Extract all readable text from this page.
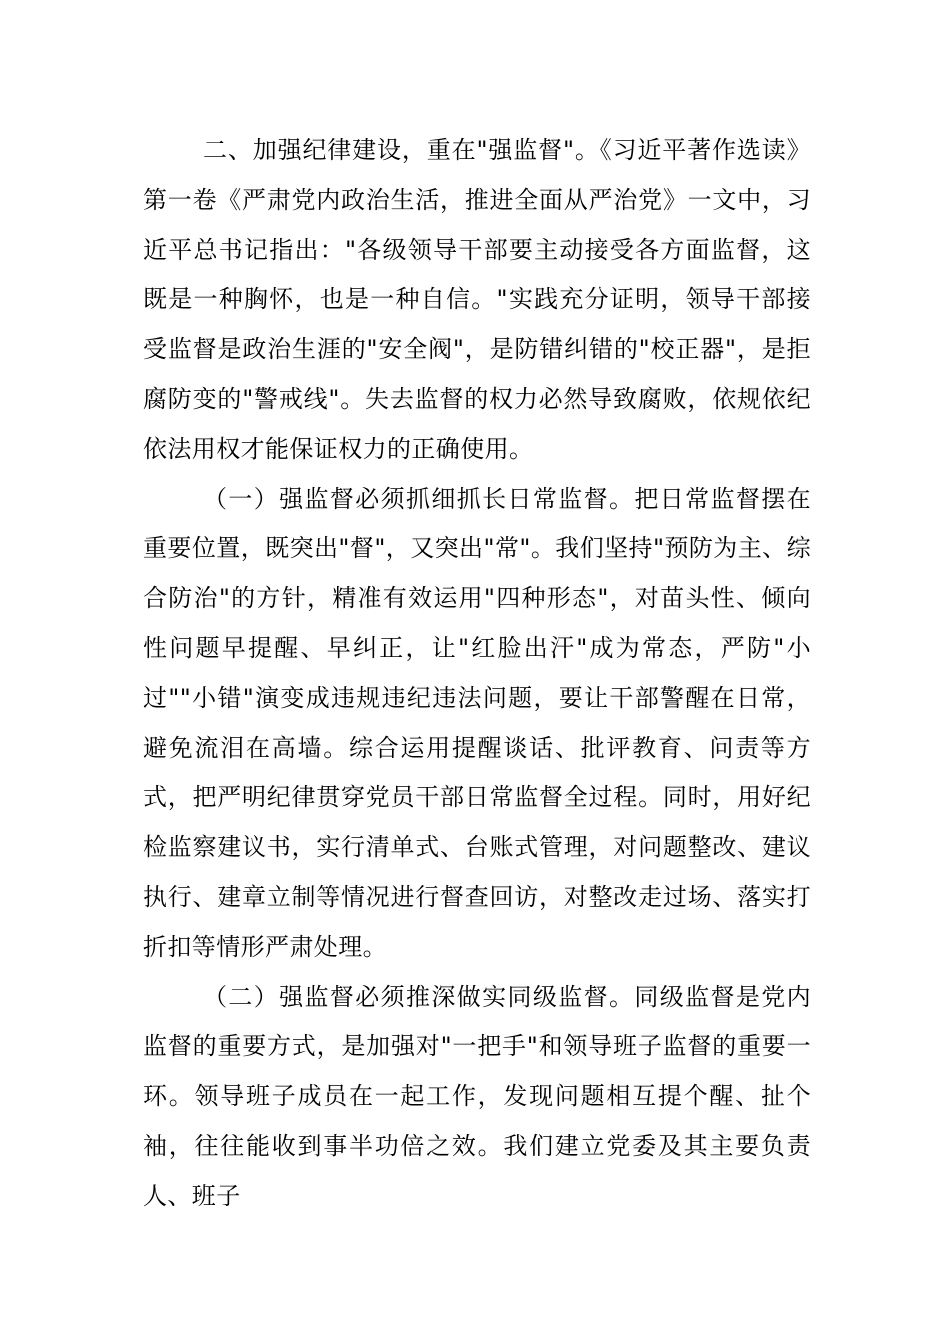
二、加强纪律建设，重在"强监督"。《习近平著作选读》第一卷《严肃党内政治生活，推进全面从严治党》一文中，习近平总书记指出："各级领导干部要主动接受各方面监督，这既是一种胸怀，也是一种自信。"实践充分证明，领导干部接受监督是政治生涯的"安全阀"，是防错纠错的"校正器"，是拒腐防变的"警戒线"。失去监督的权力必然导致腐败，依规依纪依法用权才能保证权力的正确使用。

（一）强监督必须抓细抓长日常监督。把日常监督摆在重要位置，既突出"督"，又突出"常"。我们坚持"预防为主、综合防治"的方针，精准有效运用"四种形态"，对苗头性、倾向性问题早提醒、早纠正，让"红脸出汗"成为常态，严防"小过""小错"演变成违规违纪违法问题，要让干部警醒在日常，避免流泪在高墙。综合运用提醒谈话、批评教育、问责等方式，把严明纪律贯穿党员干部日常监督全过程。同时，用好纪检监察建议书，实行清单式、台账式管理，对问题整改、建议执行、建章立制等情况进行督查回访，对整改走过场、落实打折扣等情形严肃处理。

（二）强监督必须推深做实同级监督。同级监督是党内监督的重要方式，是加强对"一把手"和领导班子监督的重要一环。领导班子成员在一起工作，发现问题相互提个醒、扯个袖，往往能收到事半功倍之效。我们建立党委及其主要负责人、班子
